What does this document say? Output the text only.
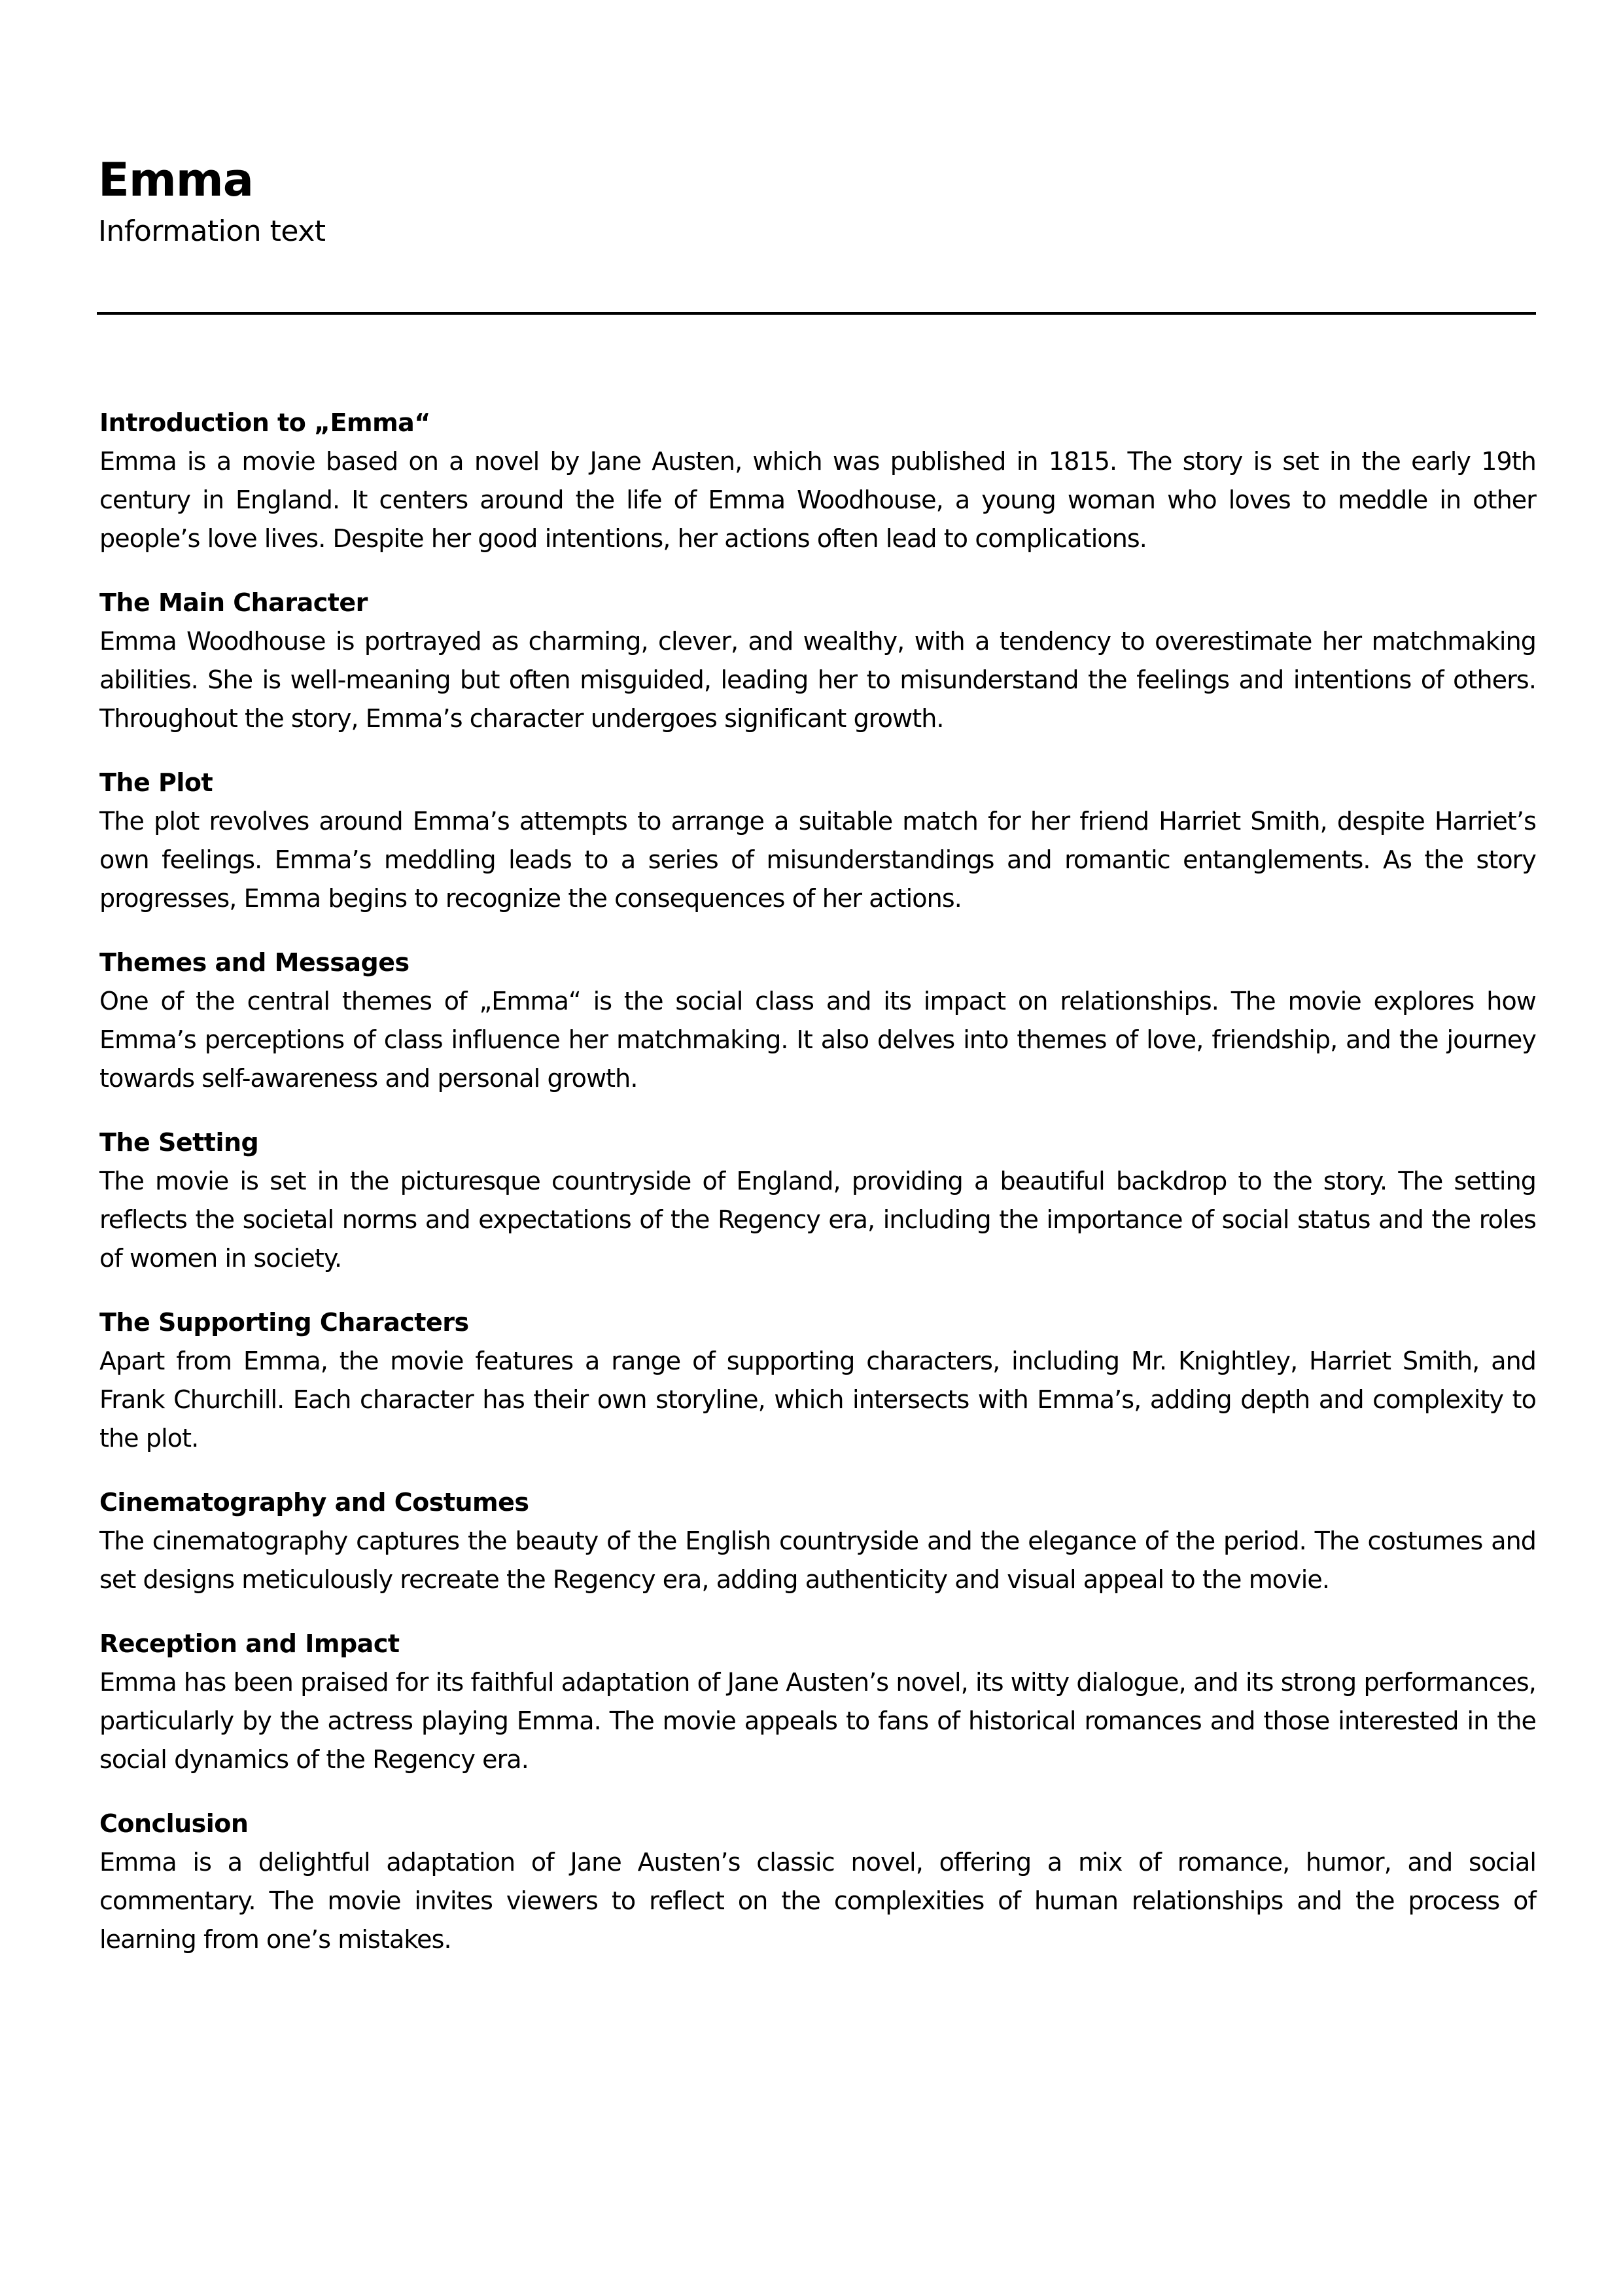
Emma
Information text
Introduction to „Emma“
Emma is a movie based on a novel by Jane Austen, which was published in 1815. The story is set in the early 19th century in England. It centers around the life of Emma Woodhouse, a young woman who loves to meddle in other people’s love lives. Despite her good intentions, her actions often lead to complications.
The Main Character
Emma Woodhouse is portrayed as charming, clever, and wealthy, with a tendency to overestimate her matchmaking abilities. She is well-meaning but often misguided, leading her to misunderstand the feelings and intentions of others. Throughout the story, Emma’s character undergoes significant growth.
The Plot
The plot revolves around Emma’s attempts to arrange a suitable match for her friend Harriet Smith, despite Harriet’s own feelings. Emma’s meddling leads to a series of misunderstandings and romantic entanglements. As the story progresses, Emma begins to recognize the consequences of her actions.
Themes and Messages
One of the central themes of „Emma“ is the social class and its impact on relationships. The movie explores how Emma’s perceptions of class influence her matchmaking. It also delves into themes of love, friendship, and the journey towards self-awareness and personal growth.
The Setting
The movie is set in the picturesque countryside of England, providing a beautiful backdrop to the story. The setting reflects the societal norms and expectations of the Regency era, including the importance of social status and the roles of women in society.
The Supporting Characters
Apart from Emma, the movie features a range of supporting characters, including Mr. Knightley, Harriet Smith, and Frank Churchill. Each character has their own storyline, which intersects with Emma’s, adding depth and complexity to the plot.
Cinematography and Costumes
The cinematography captures the beauty of the English countryside and the elegance of the period. The costumes and set designs meticulously recreate the Regency era, adding authenticity and visual appeal to the movie.
Reception and Impact
Emma has been praised for its faithful adaptation of Jane Austen’s novel, its witty dialogue, and its strong performances, particularly by the actress playing Emma. The movie appeals to fans of historical romances and those interested in the social dynamics of the Regency era.
Conclusion
Emma is a delightful adaptation of Jane Austen’s classic novel, offering a mix of romance, humor, and social commentary. The movie invites viewers to reflect on the complexities of human relationships and the process of learning from one’s mistakes.
